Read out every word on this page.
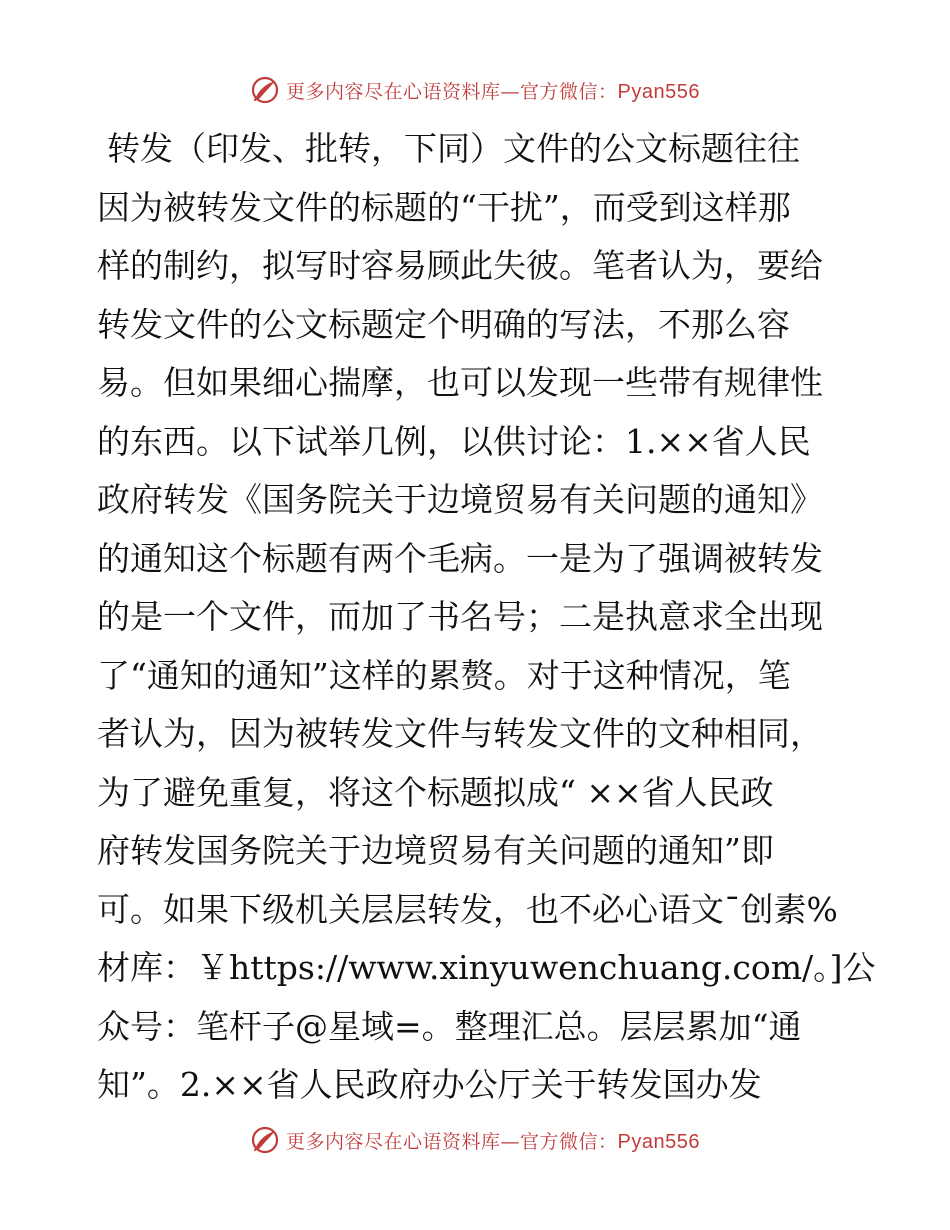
更多内容尽在心语资料库—官方微信：Pyan556
转发（印发、批转，下同）文件的公文标题往往
因为被转发文件的标题的“干扰”，而受到这样那
样的制约，拟写时容易顾此失彼。笔者认为，要给
转发文件的公文标题定个明确的写法，不那么容
易。但如果细心揣摩，也可以发现一些带有规律性
的东西。以下试举几例，以供讨论：1.××省人民
政府转发《国务院关于边境贸易有关问题的通知》
的通知这个标题有两个毛病。一是为了强调被转发
的是一个文件，而加了书名号；二是执意求全出现
了“通知的通知”这样的累赘。对于这种情况，笔
者认为，因为被转发文件与转发文件的文种相同，
为了避免重复，将这个标题拟成“ ××省人民政
府转发国务院关于边境贸易有关问题的通知”即
可。如果下级机关层层转发，也不必心语文¯创素%
材库：￥https://www.xinyuwenchuang.com/。]公
众号：笔杆子@星域=。整理汇总。层层累加“通
知”。2.××省人民政府办公厅关于转发国办发
更多内容尽在心语资料库—官方微信：Pyan556
